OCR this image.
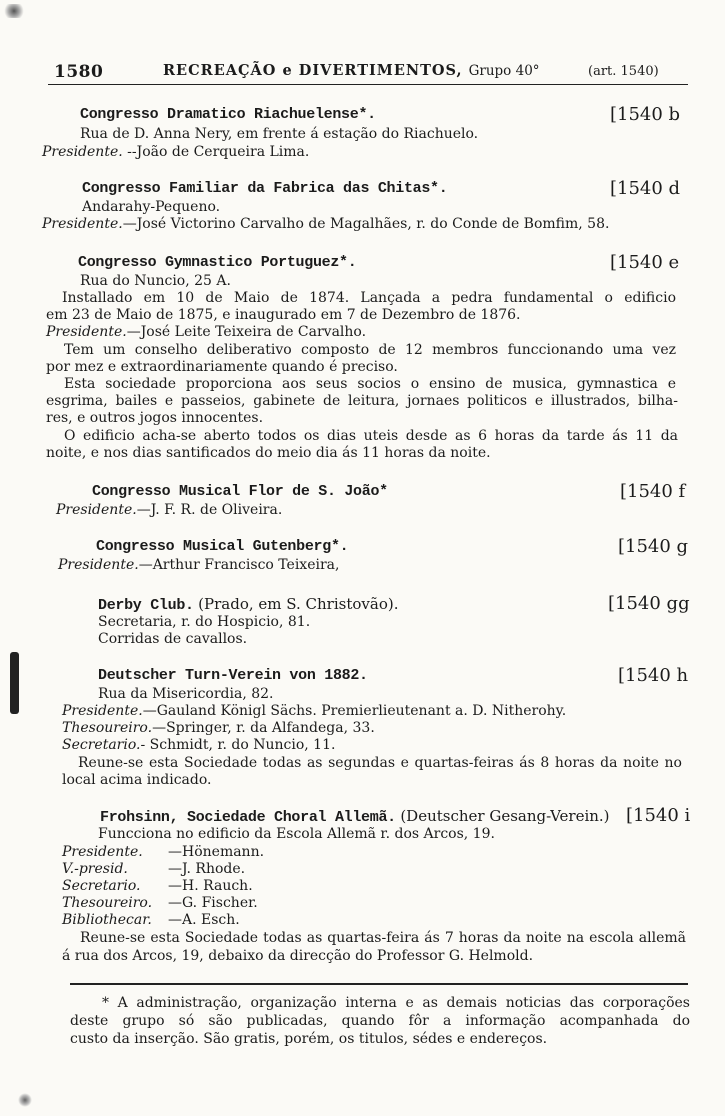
1580	RECREAÇÃO e DIVERTIMENTOS, Grupo 40°	(art. 1540)
Congresso Dramatico Riachuelense*.	[1540 b
Rua de D. Anna Nery, em frente á estação do Riachuelo.
Presidente. --João de Cerqueira Lima.
Congresso Familiar da Fabrica das Chitas*.	[1540 d
Andarahy-Pequeno.
Presidente.—José Victorino Carvalho de Magalhães, r. do Conde de Bomfim, 58.
Congresso Gymnastico Portuguez*.	[1540 e
Rua do Nuncio, 25 A.
Installado em 10 de Maio de 1874. Lançada a pedra fundamental o edificio
em 23 de Maio de 1875, e inaugurado em 7 de Dezembro de 1876.
Presidente.—José Leite Teixeira de Carvalho.
Tem um conselho deliberativo composto de 12 membros funccionando uma vez
por mez e extraordinariamente quando é preciso.
Esta sociedade proporciona aos seus socios o ensino de musica, gymnastica e
esgrima, bailes e passeios, gabinete de leitura, jornaes politicos e illustrados, bilha-
res, e outros jogos innocentes.
O edificio acha-se aberto todos os dias uteis desde as 6 horas da tarde ás 11 da
noite, e nos dias santificados do meio dia ás 11 horas da noite.
Congresso Musical Flor de S. João*	[1540 f
Presidente.—J. F. R. de Oliveira.
Congresso Musical Gutenberg*.	[1540 g
Presidente.—Arthur Francisco Teixeira,
Derby Club. (Prado, em S. Christovão).	[1540 gg
Secretaria, r. do Hospicio, 81.
Corridas de cavallos.
Deutscher Turn-Verein von 1882.	[1540 h
Rua da Misericordia, 82.
Presidente.—Gauland Königl Sächs. Premierlieutenant a. D. Nitherohy.
Thesoureiro.—Springer, r. da Alfandega, 33.
Secretario.- Schmidt, r. do Nuncio, 11.
Reune-se esta Sociedade todas as segundas e quartas-feiras ás 8 horas da noite no
local acima indicado.
Frohsinn, Sociedade Choral Allemã. (Deutscher Gesang-Verein.) [1540 i
Funcciona no edificio da Escola Allemã r. dos Arcos, 19.
Presidente. —Hönemann.
V.-presid.	—J. Rhode.
Secretario. —H. Rauch.
Thesoureiro. —G. Fischer.
Bibliothecar. —A. Esch.
Reune-se esta Sociedade todas as quartas-feira ás 7 horas da noite na escola allemã
á rua dos Arcos, 19, debaixo da direcção do Professor G. Helmold.
* A administração, organização interna e as demais noticias das corporações
deste grupo só são publicadas, quando fôr a informação acompanhada do
custo da inserção. São gratis, porém, os titulos, sédes e endereços.
